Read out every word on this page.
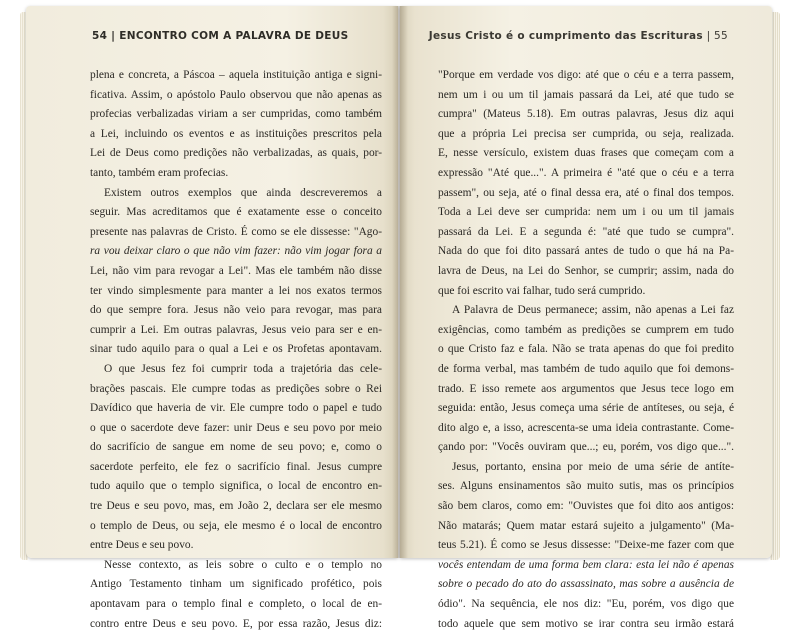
54 | ENCONTRO COM A PALAVRA DE DEUS
plena e concreta, a Páscoa – aquela instituição antiga e signi-
ficativa. Assim, o apóstolo Paulo observou que não apenas as
profecias verbalizadas viriam a ser cumpridas, como também
a Lei, incluindo os eventos e as instituições prescritos pela
Lei de Deus como predições não verbalizadas, as quais, por-
tanto, também eram profecias.
Existem outros exemplos que ainda descreveremos a
seguir. Mas acreditamos que é exatamente esse o conceito
presente nas palavras de Cristo. É como se ele dissesse: "Ago-
ra vou deixar claro o que não vim fazer: não vim jogar fora a
Lei, não vim para revogar a Lei". Mas ele também não disse
ter vindo simplesmente para manter a lei nos exatos termos
do que sempre fora. Jesus não veio para revogar, mas para
cumprir a Lei. Em outras palavras, Jesus veio para ser e en-
sinar tudo aquilo para o qual a Lei e os Profetas apontavam.
O que Jesus fez foi cumprir toda a trajetória das cele-
brações pascais. Ele cumpre todas as predições sobre o Rei
Davídico que haveria de vir. Ele cumpre todo o papel e tudo
o que o sacerdote deve fazer: unir Deus e seu povo por meio
do sacrifício de sangue em nome de seu povo; e, como o
sacerdote perfeito, ele fez o sacrifício final. Jesus cumpre
tudo aquilo que o templo significa, o local de encontro en-
tre Deus e seu povo, mas, em João 2, declara ser ele mesmo
o templo de Deus, ou seja, ele mesmo é o local de encontro
entre Deus e seu povo.
Nesse contexto, as leis sobre o culto e o templo no
Antigo Testamento tinham um significado profético, pois
apontavam para o templo final e completo, o local de en-
contro entre Deus e seu povo. E, por essa razão, Jesus diz:
Jesus Cristo é o cumprimento das Escrituras | 55
"Porque em verdade vos digo: até que o céu e a terra passem,
nem um i ou um til jamais passará da Lei, até que tudo se
cumpra" (Mateus 5.18). Em outras palavras, Jesus diz aqui
que a própria Lei precisa ser cumprida, ou seja, realizada.
E, nesse versículo, existem duas frases que começam com a
expressão "Até que...". A primeira é "até que o céu e a terra
passem", ou seja, até o final dessa era, até o final dos tempos.
Toda a Lei deve ser cumprida: nem um i ou um til jamais
passará da Lei. E a segunda é: "até que tudo se cumpra".
Nada do que foi dito passará antes de tudo o que há na Pa-
lavra de Deus, na Lei do Senhor, se cumprir; assim, nada do
que foi escrito vai falhar, tudo será cumprido.
A Palavra de Deus permanece; assim, não apenas a Lei faz
exigências, como também as predições se cumprem em tudo
o que Cristo faz e fala. Não se trata apenas do que foi predito
de forma verbal, mas também de tudo aquilo que foi demons-
trado. E isso remete aos argumentos que Jesus tece logo em
seguida: então, Jesus começa uma série de antíteses, ou seja, é
dito algo e, a isso, acrescenta-se uma ideia contrastante. Come-
çando por: "Vocês ouviram que...; eu, porém, vos digo que...".
Jesus, portanto, ensina por meio de uma série de antíte-
ses. Alguns ensinamentos são muito sutis, mas os princípios
são bem claros, como em: "Ouvistes que foi dito aos antigos:
Não matarás; Quem matar estará sujeito a julgamento" (Ma-
teus 5.21). É como se Jesus dissesse: "Deixe-me fazer com que
vocês entendam de uma forma bem clara: esta lei não é apenas
sobre o pecado do ato do assassinato, mas sobre a ausência de
ódio". Na sequência, ele nos diz: "Eu, porém, vos digo que
todo aquele que sem motivo se irar contra seu irmão estará
